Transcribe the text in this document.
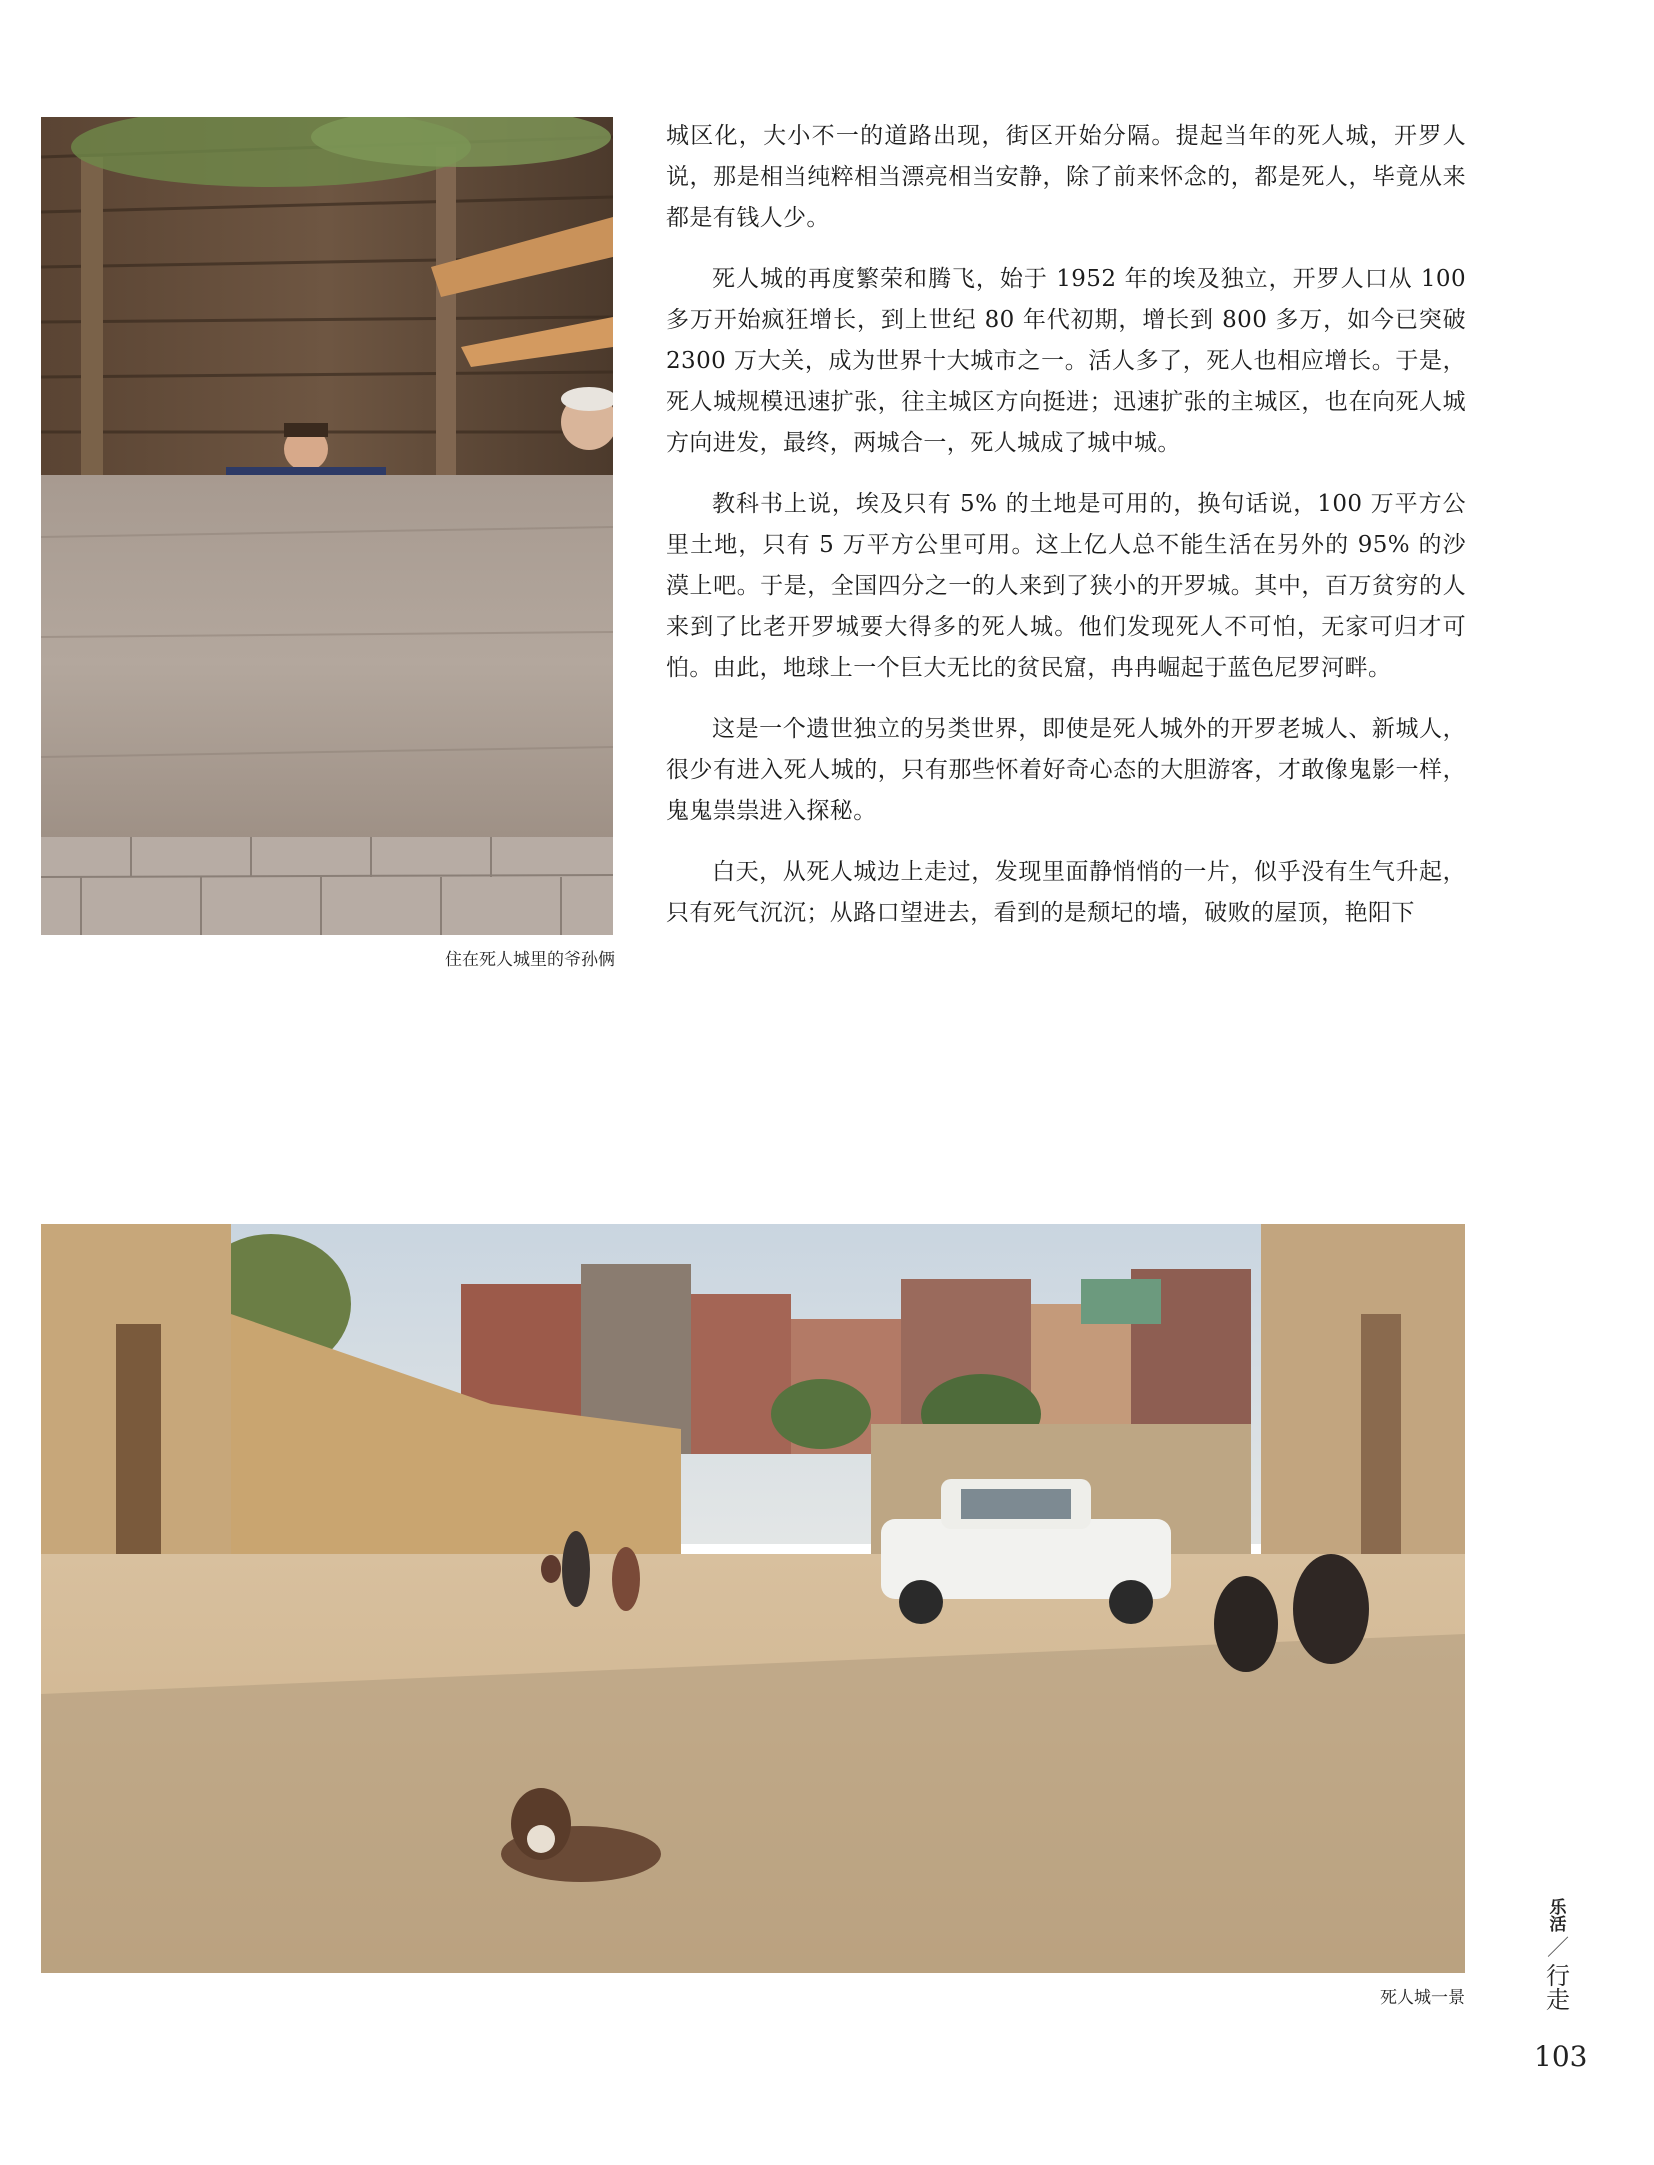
住在死人城里的爷孙俩

城区化，大小不一的道路出现，街区开始分隔。提起当年的死人城，开罗人说，那是相当纯粹相当漂亮相当安静，除了前来怀念的，都是死人，毕竟从来都是有钱人少。

死人城的再度繁荣和腾飞，始于 1952 年的埃及独立，开罗人口从 100 多万开始疯狂增长，到上世纪 80 年代初期，增长到 800 多万，如今已突破 2300 万大关，成为世界十大城市之一。活人多了，死人也相应增长。于是，死人城规模迅速扩张，往主城区方向挺进；迅速扩张的主城区，也在向死人城方向进发，最终，两城合一，死人城成了城中城。

教科书上说，埃及只有 5% 的土地是可用的，换句话说，100 万平方公里土地，只有 5 万平方公里可用。这上亿人总不能生活在另外的 95% 的沙漠上吧。于是，全国四分之一的人来到了狭小的开罗城。其中，百万贫穷的人来到了比老开罗城要大得多的死人城。他们发现死人不可怕，无家可归才可怕。由此，地球上一个巨大无比的贫民窟，冉冉崛起于蓝色尼罗河畔。

这是一个遗世独立的另类世界，即使是死人城外的开罗老城人、新城人，很少有进入死人城的，只有那些怀着好奇心态的大胆游客，才敢像鬼影一样，鬼鬼祟祟进入探秘。

白天，从死人城边上走过，发现里面静悄悄的一片，似乎没有生气升起，只有死气沉沉；从路口望进去，看到的是颓圮的墙，破败的屋顶，艳阳下

死人城一景
乐
活
／
行
走
103
